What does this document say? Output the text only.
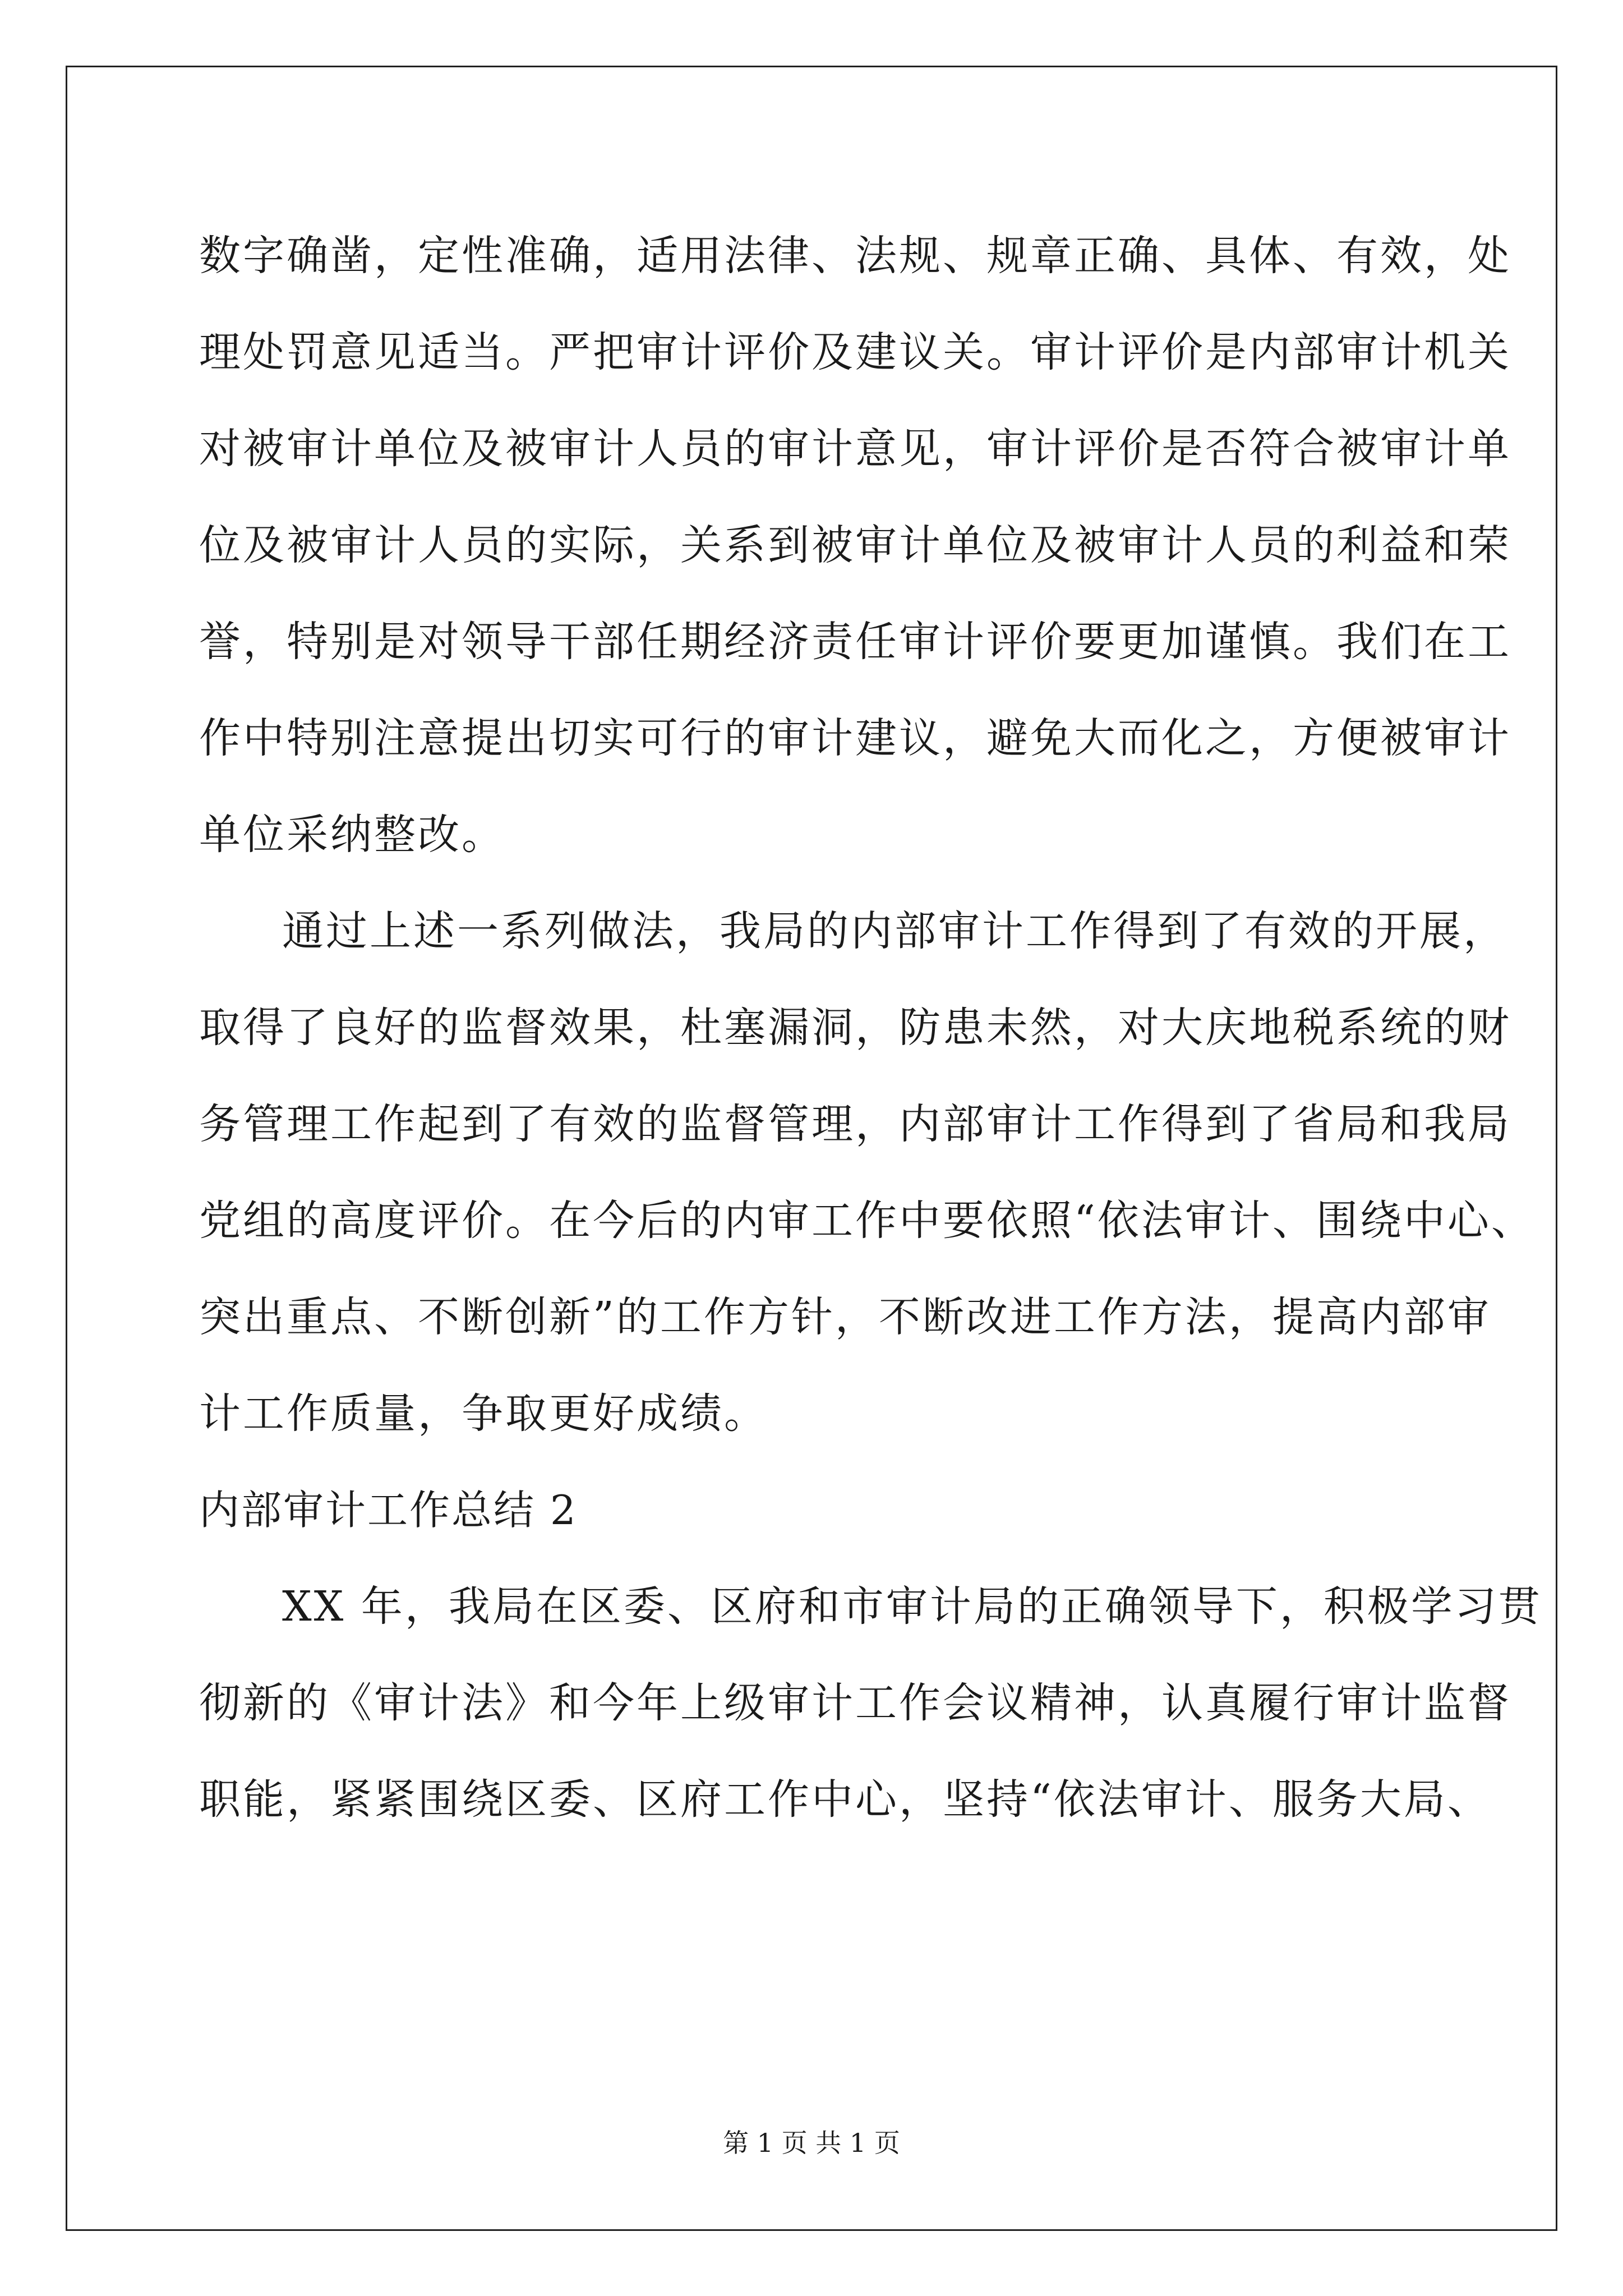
数字确凿，定性准确，适用法律、法规、规章正确、具体、有效，处
理处罚意见适当。严把审计评价及建议关。审计评价是内部审计机关
对被审计单位及被审计人员的审计意见，审计评价是否符合被审计单
位及被审计人员的实际，关系到被审计单位及被审计人员的利益和荣
誉，特别是对领导干部任期经济责任审计评价要更加谨慎。我们在工
作中特别注意提出切实可行的审计建议，避免大而化之，方便被审计
单位采纳整改。
通过上述一系列做法，我局的内部审计工作得到了有效的开展，
取得了良好的监督效果，杜塞漏洞，防患未然，对大庆地税系统的财
务管理工作起到了有效的监督管理，内部审计工作得到了省局和我局
党组的高度评价。在今后的内审工作中要依照“依法审计、围绕中心、
突出重点、不断创新”的工作方针，不断改进工作方法，提高内部审
计工作质量，争取更好成绩。
内部审计工作总结 2
XX 年，我局在区委、区府和市审计局的正确领导下，积极学习贯
彻新的《审计法》和今年上级审计工作会议精神，认真履行审计监督
职能，紧紧围绕区委、区府工作中心，坚持“依法审计、服务大局、
第 1 页 共 1 页
